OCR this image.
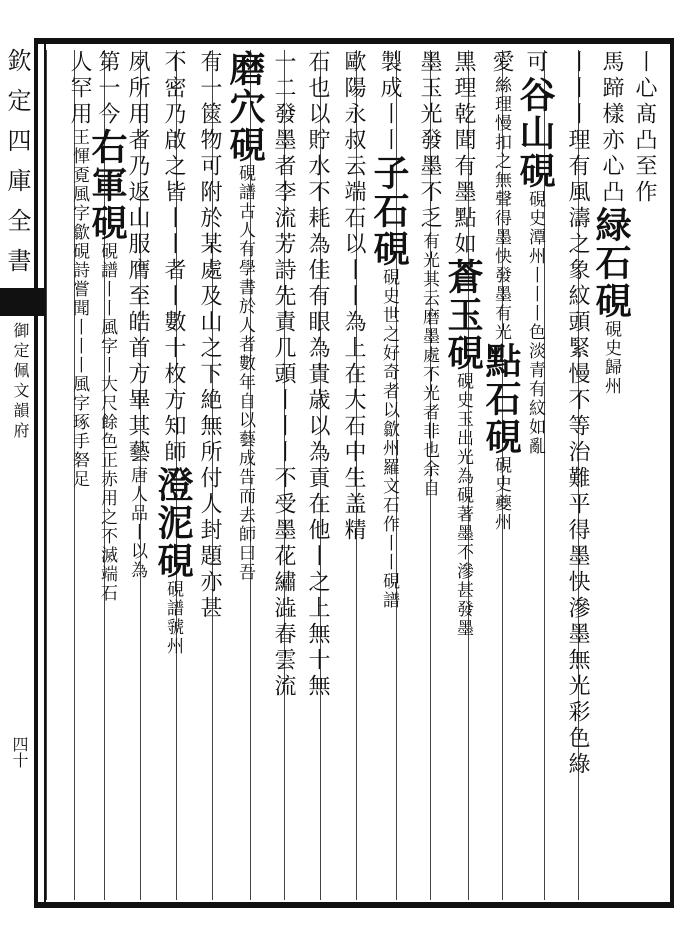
欽定四庫全書
御定佩文韻府
四十
丨心髙凸至作
馬蹄樣亦心凸緑石硯硯史歸州
丨丨丨理有風濤之象紋頭緊慢不等治難平得墨快滲墨無光彩色綠
可谷山硯硯史潭州丨丨丨色淡青有紋如亂
愛絲理慢扣之無聲得墨快發墨有光點石硯硯史夔州
黒理乾聞有墨點如蒼玉硯硯史玉出光為硯著墨不滲甚發墨
墨玉光發墨不乏有光其云磨墨處不光者非也余自
製成丨丨子石硯硯史世之好奇者以歙州羅文石作丨丨硯譜
歐陽永叔云端石以丨丨為上在大石中生盖精
石也以貯水不耗為佳有眼為貴歳以為貢在他丨之上無十無
一二發墨者李流芳詩先責几頭丨丨丨不受墨花繡澁春雲流
磨穴硯硯譜古人有學書於人者數年自以藝成告而去師曰吾
有一篋物可附於某處及山之下絶無所付人封題亦甚
不密乃啟之皆丨丨者丨數十枚方知師澄泥硯硯譜虢州
夙所用者乃返山服膺至皓首方畢其藝唐人品丨以為
第一今右軍硯硯譜丨丨風字丨大尺餘色正赤用之不滅端石
人罕用王惲覔風字歙硯詩嘗聞丨丨丨風字琢手砮足
